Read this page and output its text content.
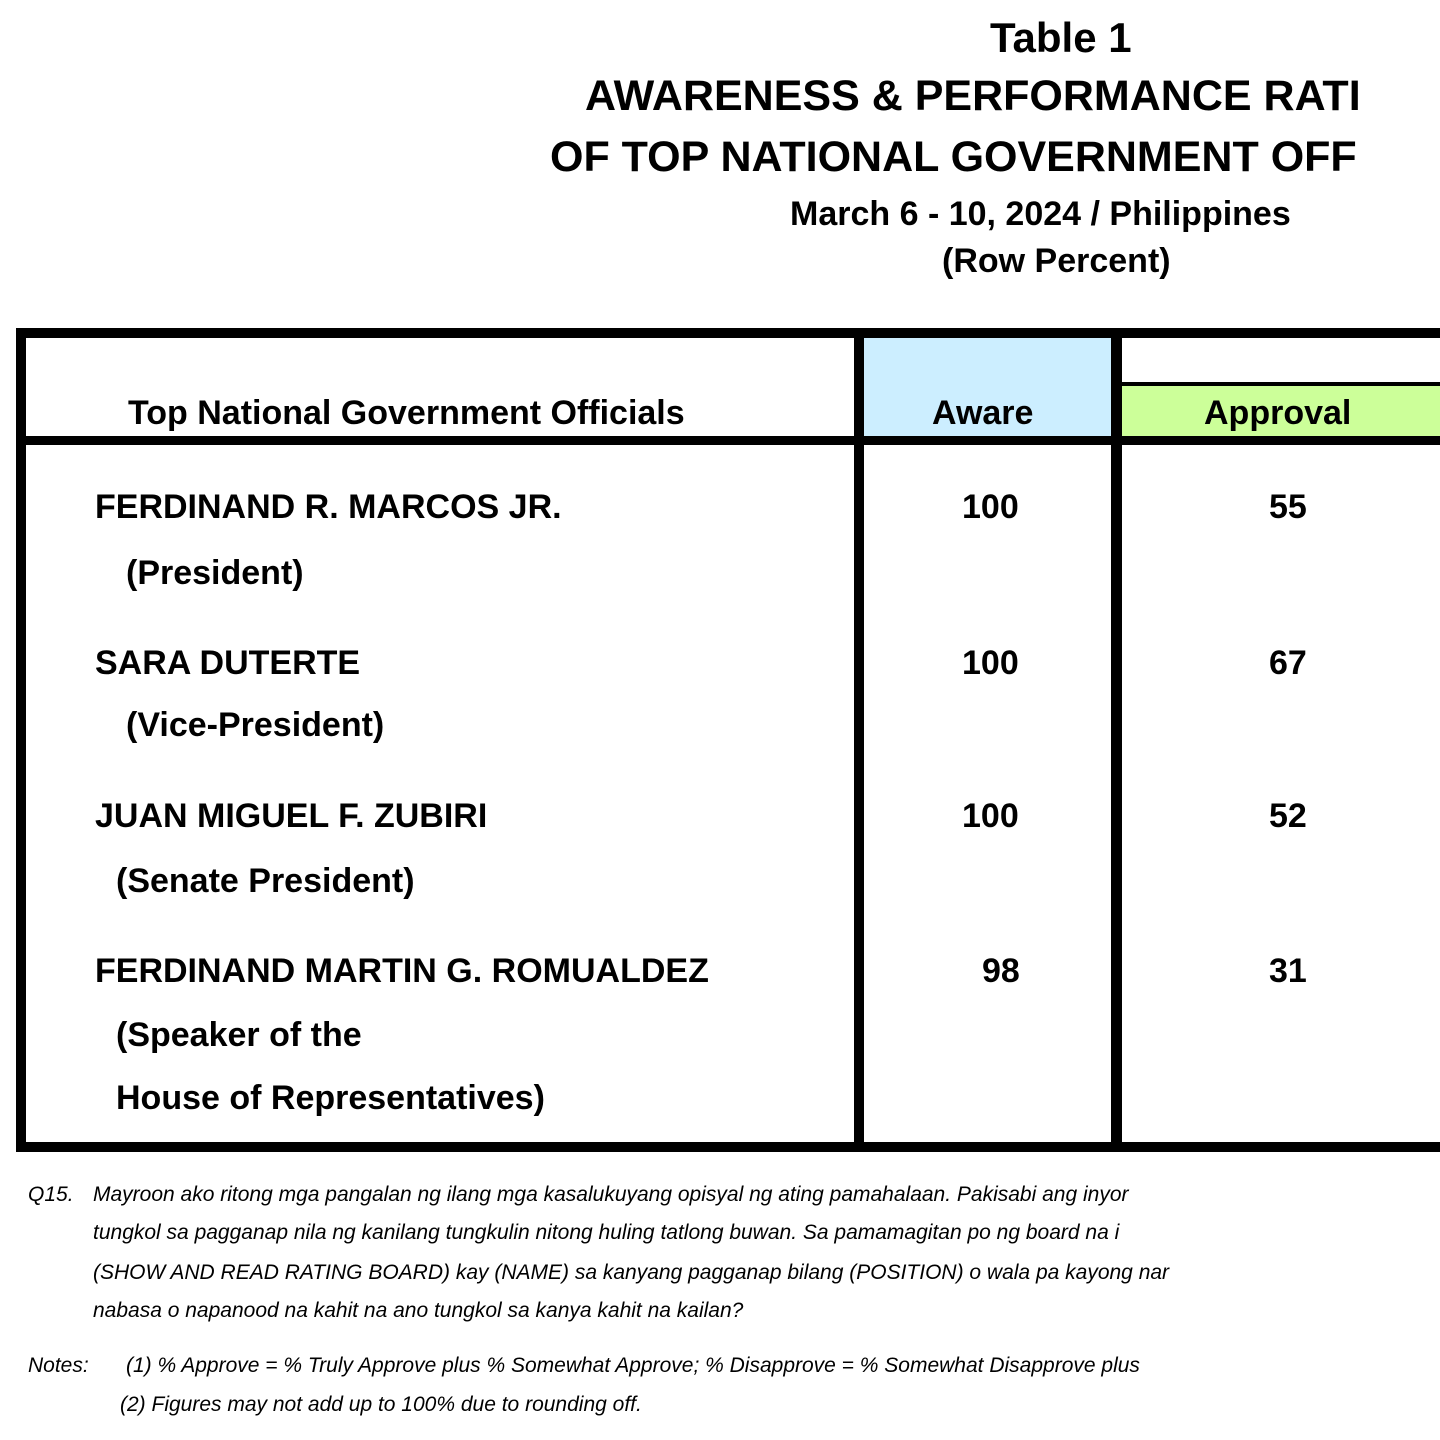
Table 1
AWARENESS & PERFORMANCE RATI
OF TOP NATIONAL GOVERNMENT OFF
March 6 - 10, 2024 / Philippines
(Row Percent)
Top National Government Officials	Aware	Approval
FERDINAND R. MARCOS JR.
(President)
100	55
SARA DUTERTE
(Vice-President)
100	67
JUAN MIGUEL F. ZUBIRI
(Senate President)
100	52
FERDINAND MARTIN G. ROMUALDEZ
(Speaker of the
House of Representatives)
98	31
Q15. Mayroon ako ritong mga pangalan ng ilang mga kasalukuyang opisyal ng ating pamahalaan. Pakisabi ang inyor
tungkol sa pagganap nila ng kanilang tungkulin nitong huling tatlong buwan. Sa pamamagitan po ng board na i
(SHOW AND READ RATING BOARD) kay (NAME) sa kanyang pagganap bilang (POSITION) o wala pa kayong nar
nabasa o napanood na kahit na ano tungkol sa kanya kahit na kailan?
Notes: (1) % Approve = % Truly Approve plus % Somewhat Approve; % Disapprove = % Somewhat Disapprove plus
(2) Figures may not add up to 100% due to rounding off.
